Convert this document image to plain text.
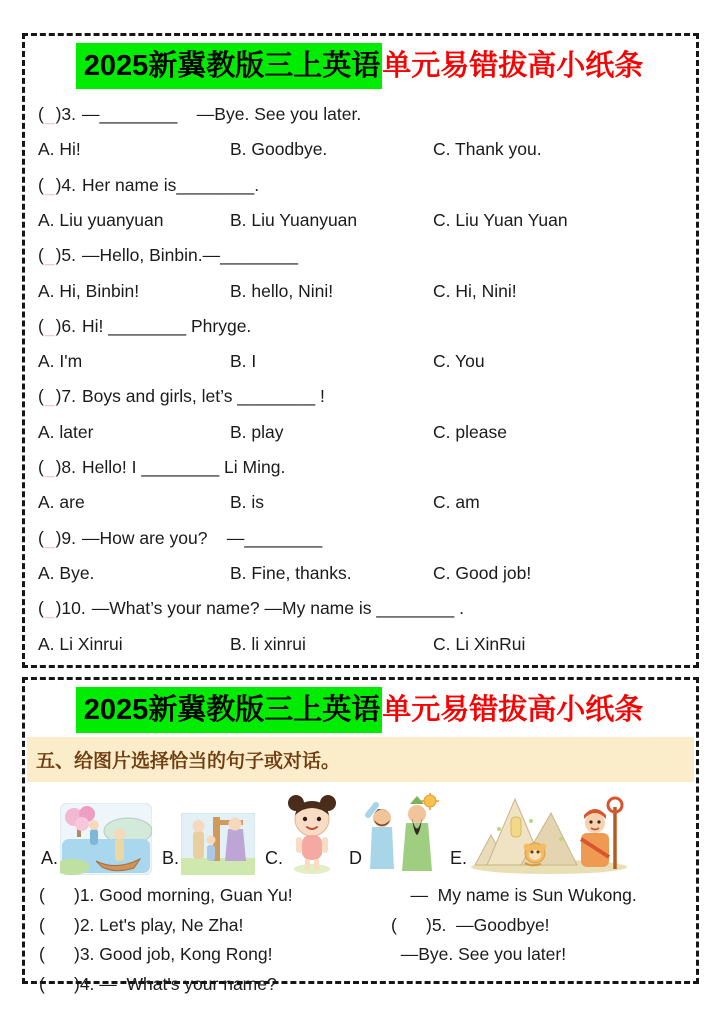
2025新冀教版三上英语单元易错拔高小纸条
( _ )3. —________    —Bye. See you later.
A. Hi!	B. Goodbye.	C. Thank you.
( _ )4. Her name is________.
A. Liu yuanyuan	B. Liu Yuanyuan	C. Liu Yuan Yuan
( _ )5. —Hello, Binbin.—________
A. Hi, Binbin!	B. hello, Nini!	C. Hi, Nini!
( _ )6. Hi! ________ Phryge.
A. I'm	B. I	C. You
( _ )7. Boys and girls, let’s ________ !
A. later	B. play	C. please
( _ )8. Hello! I ________ Li Ming.
A. are	B. is	C. am
( _ )9. —How are you?    —________
A. Bye.	B. Fine, thanks.	C. Good job!
( _ )10. —What’s your name? —My name is ________ .
A. Li Xinrui	B. li xinrui	C. Li XinRui
2025新冀教版三上英语单元易错拔高小纸条
五、给图片选择恰当的句子或对话。
A.	B.	C.	D	E.
(      )1. Good morning, Guan Yu!	—  My name is Sun Wukong.
(      )2. Let's play, Ne Zha!	(      )5.  —Goodbye!
(      )3. Good job, Kong Rong!	—Bye. See you later!
(      )4. —  What's your name?
